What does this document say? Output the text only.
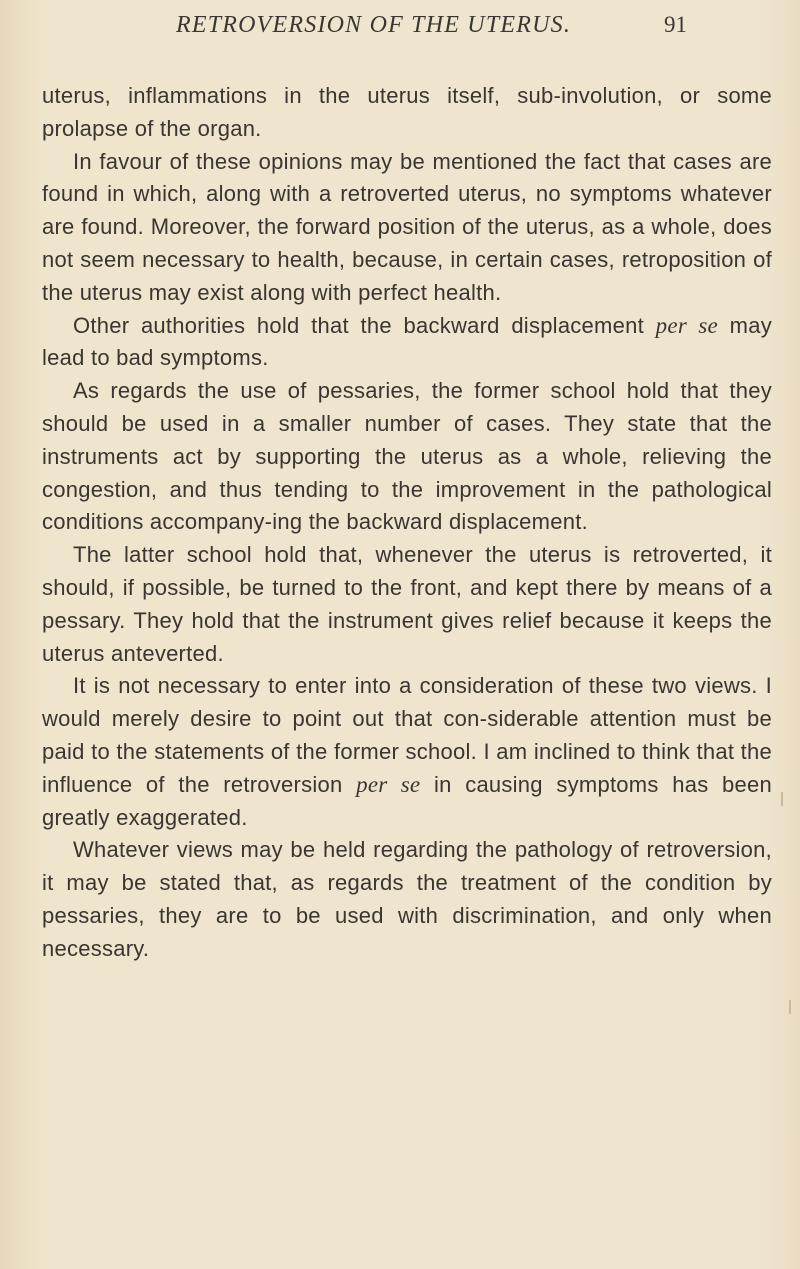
RETROVERSION OF THE UTERUS.	91

uterus, inflammations in the uterus itself, sub-involution, or some prolapse of the organ.

In favour of these opinions may be mentioned the fact that cases are found in which, along with a retroverted uterus, no symptoms whatever are found. Moreover, the forward position of the uterus, as a whole, does not seem necessary to health, because, in certain cases, retroposition of the uterus may exist along with perfect health.

Other authorities hold that the backward displacement per se may lead to bad symptoms.

As regards the use of pessaries, the former school hold that they should be used in a smaller number of cases. They state that the instruments act by supporting the uterus as a whole, relieving the congestion, and thus tending to the improvement in the pathological conditions accompany-ing the backward displacement.

The latter school hold that, whenever the uterus is retroverted, it should, if possible, be turned to the front, and kept there by means of a pessary. They hold that the instrument gives relief because it keeps the uterus anteverted.

It is not necessary to enter into a consideration of these two views. I would merely desire to point out that con-siderable attention must be paid to the statements of the former school. I am inclined to think that the influence of the retroversion per se in causing symptoms has been greatly exaggerated.

Whatever views may be held regarding the pathology of retroversion, it may be stated that, as regards the treatment of the condition by pessaries, they are to be used with discrimination, and only when necessary.
